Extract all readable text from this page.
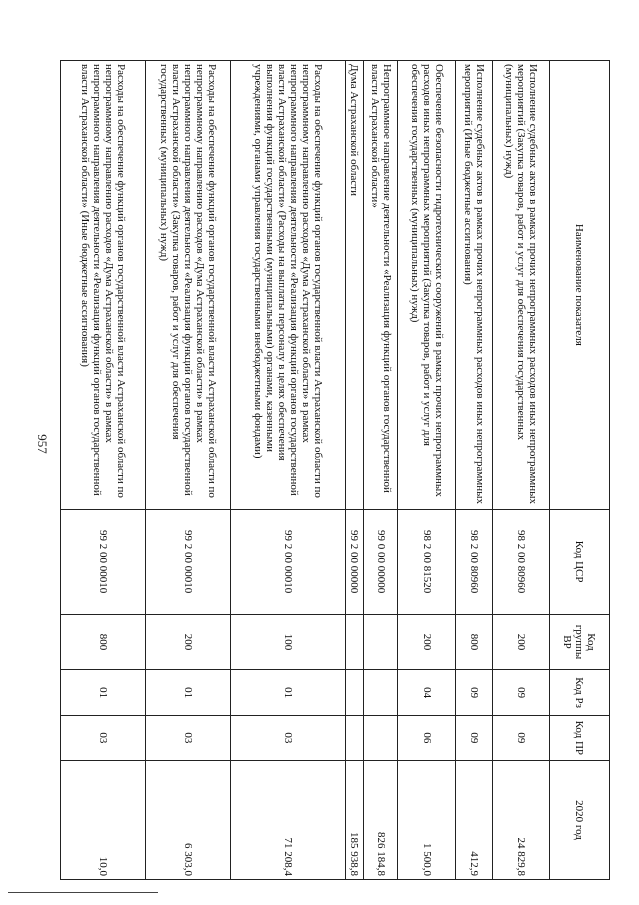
957
Наименование показателя	Код ЦСР	Код группы ВР	Код Рз	Код ПР	2020 год
Исполнение судебных актов в рамках прочих непрограммных расходов иных непрограммных мероприятий (Закупка товаров, работ и услуг для обеспечения государственных (муниципальных) нужд)	98 2 00 80960	200	09	09	24 829,8
Исполнение судебных актов в рамках прочих непрограммных расходов иных непрограммных мероприятий (Иные бюджетные ассигнования)	98 2 00 80960	800	09	09	412,9
Обеспечение безопасности гидротехнических сооружений в рамках прочих непрограммных расходов иных непрограммных мероприятий (Закупка товаров, работ и услуг для обеспечения государственных (муниципальных) нужд)	98 2 00 81520	200	04	06	1 500,0
Непрограммное направление деятельности «Реализация функций органов государственной власти Астраханской области»	99 0 00 00000				826 184,8
Дума Астраханской области	99 2 00 00000				185 938,8
Расходы на обеспечение функций органов государственной власти Астраханской области по непрограммному направлению расходов «Дума Астраханской области» в рамках непрограммного направления деятельности «Реализация функций органов государственной власти Астраханской области» (Расходы на выплаты персоналу в целях обеспечения выполнения функций государственными (муниципальными) органами, казенными учреждениями, органами управления государственными внебюджетными фондами)	99 2 00 00010	100	01	03	71 208,4
Расходы на обеспечение функций органов государственной власти Астраханской области по непрограммному направлению расходов «Дума Астраханской области» в рамках непрограммного направления деятельности «Реализация функций органов государственной власти Астраханской области» (Закупка товаров, работ и услуг для обеспечения государственных (муниципальных) нужд)	99 2 00 00010	200	01	03	6 303,0
Расходы на обеспечение функций органов государственной власти Астраханской области по непрограммному направлению расходов «Дума Астраханской области» в рамках непрограммного направления деятельности «Реализация функций органов государственной власти Астраханской области» (Иные бюджетные ассигнования)	99 2 00 00010	800	01	03	10,0
